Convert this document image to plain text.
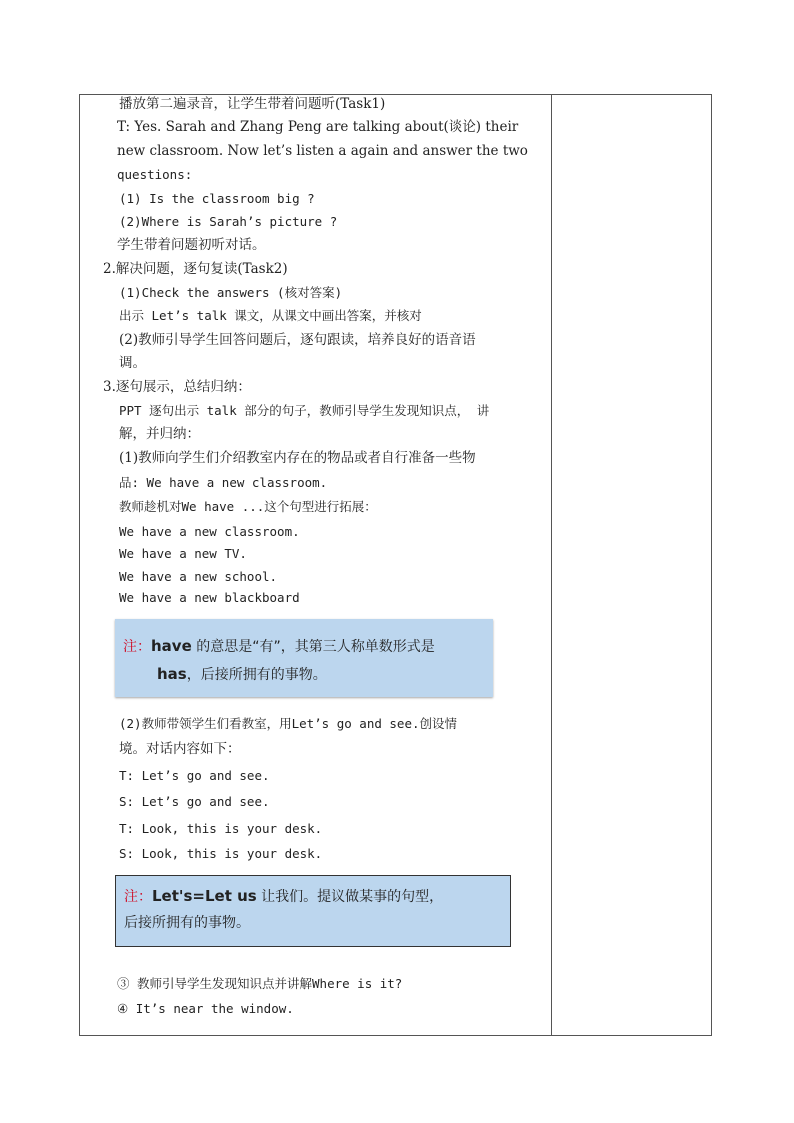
播放第二遍录音，让学生带着问题听(Task1)
T: Yes. Sarah and Zhang Peng are talking about(谈论) their
new classroom. Now let’s listen a again and answer the two
questions:
(1) Is the classroom big ?
(2)Where is Sarah’s picture ?
学生带着问题初听对话。
2.解决问题，逐句复读(Task2)
(1)Check the answers (核对答案)
出示 Let’s talk 课文，从课文中画出答案，并核对
(2)教师引导学生回答问题后，逐句跟读，培养良好的语音语
调。
3.逐句展示，总结归纳：
PPT 逐句出示 talk 部分的句子，教师引导学生发现知识点， 讲
解，并归纳：
(1)教师向学生们介绍教室内存在的物品或者自行准备一些物
品: We have a new classroom.
教师趁机对We have ...这个句型进行拓展：
We have a new classroom.
We have a new TV.
We have a new school.
We have a new blackboard
注：have 的意思是“有”，其第三人称单数形式是
has，后接所拥有的事物。
(2)教师带领学生们看教室，用Let’s go and see.创设情
境。对话内容如下：
T: Let’s go and see.
S: Let’s go and see.
T: Look, this is your desk.
S: Look, this is your desk.
注：Let's=Let us 让我们。提议做某事的句型，
后接所拥有的事物。
③ 教师引导学生发现知识点并讲解Where is it?
④ It’s near the window.
